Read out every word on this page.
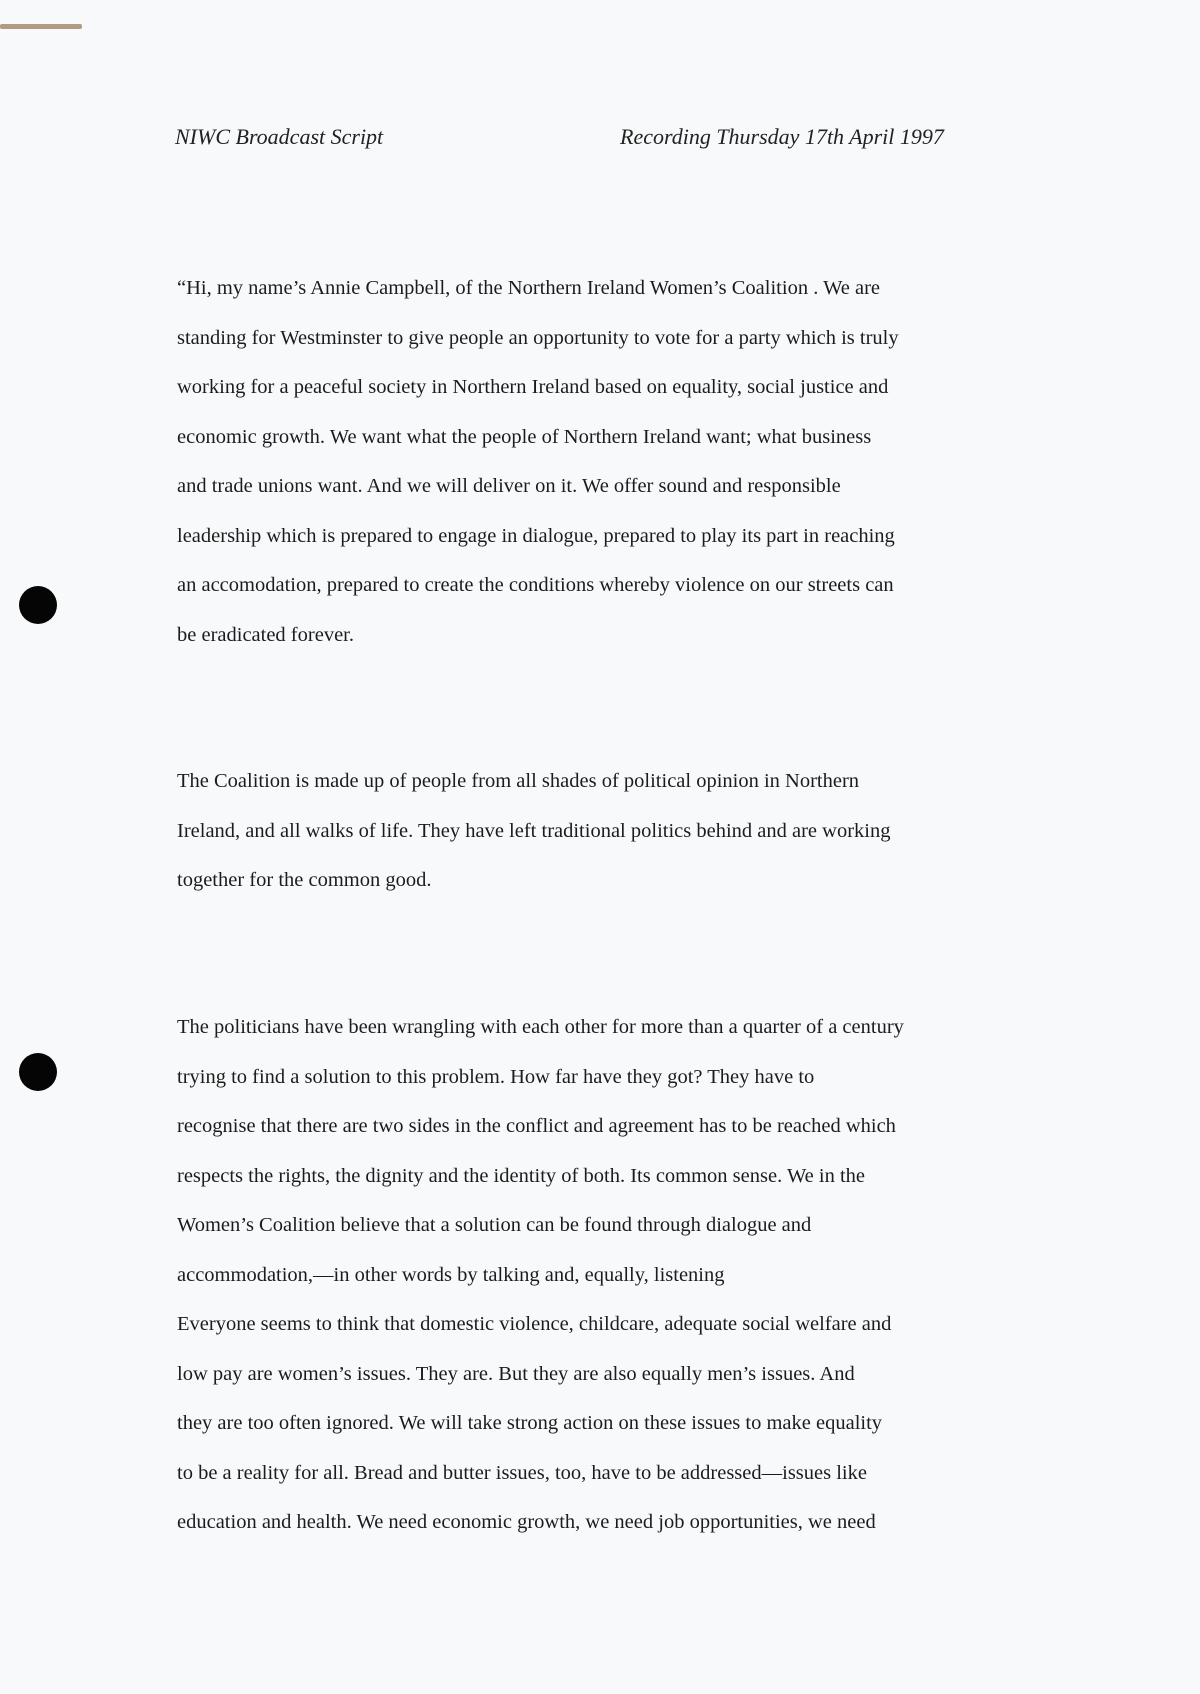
NIWC Broadcast Script	Recording Thursday 17th April 1997

“Hi, my name’s Annie Campbell, of the Northern Ireland Women’s Coalition . We are
standing for Westminster to give people an opportunity to vote for a party which is truly
working for a peaceful society in Northern Ireland based on equality, social justice and
economic growth. We want what the people of Northern Ireland want; what business
and trade unions want. And we will deliver on it. We offer sound and responsible
leadership which is prepared to engage in dialogue, prepared to play its part in reaching
an accomodation, prepared to create the conditions whereby violence on our streets can
be eradicated forever.

The Coalition is made up of people from all shades of political opinion in Northern
Ireland, and all walks of life. They have left traditional politics behind and are working
together for the common good.

The politicians have been wrangling with each other for more than a quarter of a century
trying to find a solution to this problem. How far have they got? They have to
recognise that there are two sides in the conflict and agreement has to be reached which
respects the rights, the dignity and the identity of both. Its common sense. We in the
Women’s Coalition believe that a solution can be found through dialogue and
accommodation,—in other words by talking and, equally, listening
Everyone seems to think that domestic violence, childcare, adequate social welfare and
low pay are women’s issues. They are. But they are also equally men’s issues. And
they are too often ignored. We will take strong action on these issues to make equality
to be a reality for all. Bread and butter issues, too, have to be addressed—issues like
education and health. We need economic growth, we need job opportunities, we need
